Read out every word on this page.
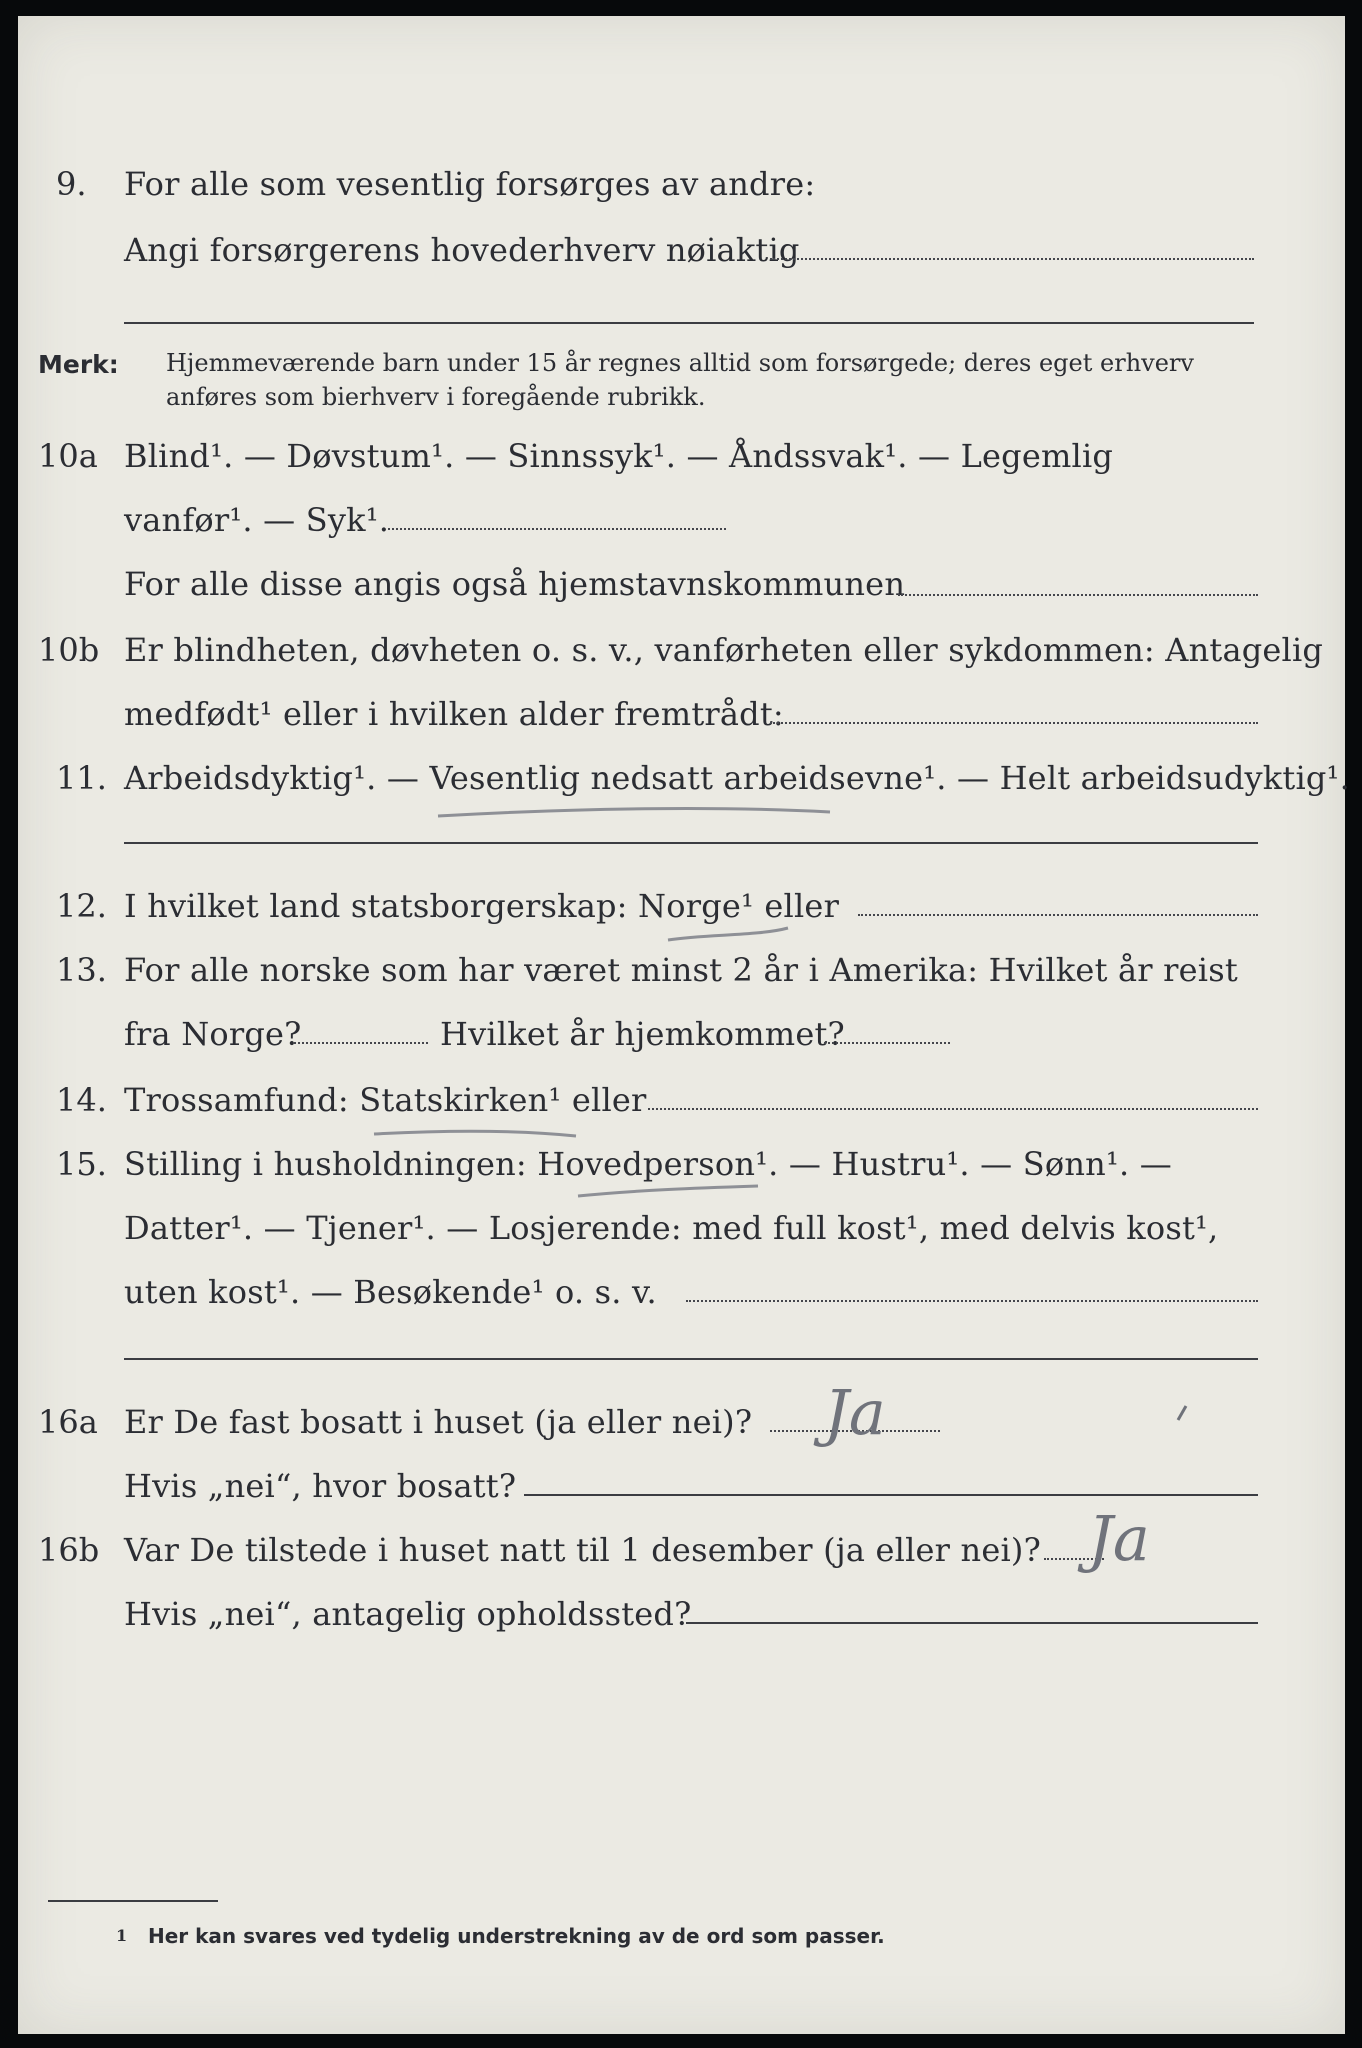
9. For alle som vesentlig forsørges av andre:
Angi forsørgerens hovederhverv nøiaktig
Merk: Hjemmeværende barn under 15 år regnes alltid som forsørgede; deres eget erhverv
anføres som bierhverv i foregående rubrikk.
10a Blind¹. — Døvstum¹. — Sinnssyk¹. — Åndssvak¹. — Legemlig
vanfør¹. — Syk¹.
For alle disse angis også hjemstavnskommunen
10b Er blindheten, døvheten o. s. v., vanførheten eller sykdommen: Antagelig
medfødt¹ eller i hvilken alder fremtrådt:
11. Arbeidsdyktig¹. — Vesentlig nedsatt arbeidsevne¹. — Helt arbeidsudyktig¹.
12. I hvilket land statsborgerskap: Norge¹ eller
13. For alle norske som har været minst 2 år i Amerika: Hvilket år reist
fra Norge?	Hvilket år hjemkommet?
14. Trossamfund: Statskirken¹ eller
15. Stilling i husholdningen: Hovedperson¹. — Hustru¹. — Sønn¹. —
Datter¹. — Tjener¹. — Losjerende: med full kost¹, med delvis kost¹,
uten kost¹. — Besøkende¹ o. s. v.
16a Er De fast bosatt i huset (ja eller nei)? Ja
Hvis „nei“, hvor bosatt?
16b Var De tilstede i huset natt til 1 desember (ja eller nei)? Ja
Hvis „nei“, antagelig opholdssted?
1 Her kan svares ved tydelig understrekning av de ord som passer.
